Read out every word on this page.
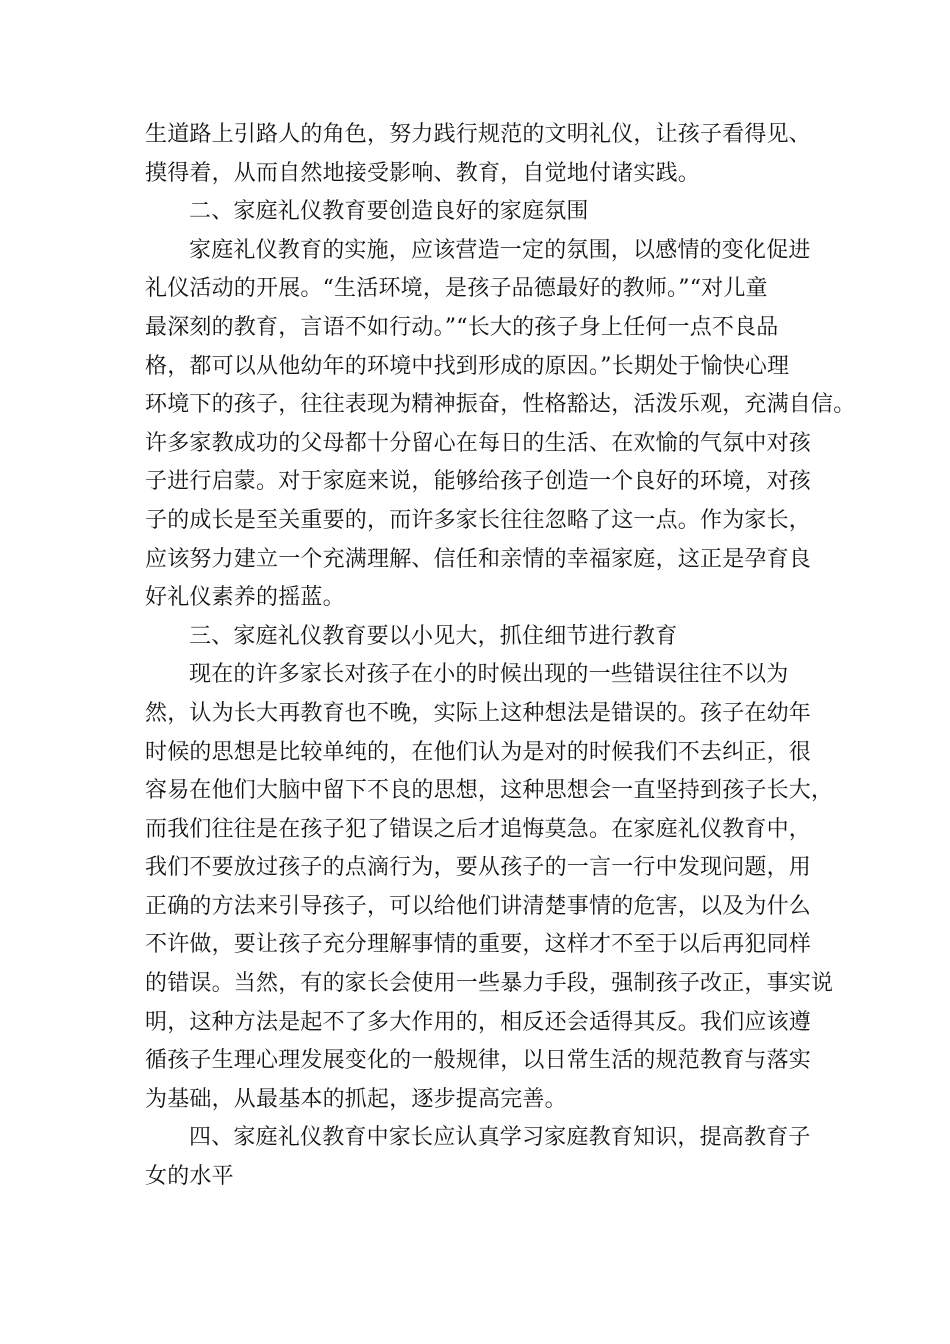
生道路上引路人的角色，努力践行规范的文明礼仪，让孩子看得见、
摸得着，从而自然地接受影响、教育，自觉地付诸实践。
二、家庭礼仪教育要创造良好的家庭氛围
家庭礼仪教育的实施，应该营造一定的氛围，以感情的变化促进
礼仪活动的开展。“生活环境，是孩子品德最好的教师。”“对儿童
最深刻的教育，言语不如行动。”“长大的孩子身上任何一点不良品
格，都可以从他幼年的环境中找到形成的原因。”长期处于愉快心理
环境下的孩子，往往表现为精神振奋，性格豁达，活泼乐观，充满自信。
许多家教成功的父母都十分留心在每日的生活、在欢愉的气氛中对孩
子进行启蒙。对于家庭来说，能够给孩子创造一个良好的环境，对孩
子的成长是至关重要的，而许多家长往往忽略了这一点。作为家长，
应该努力建立一个充满理解、信任和亲情的幸福家庭，这正是孕育良
好礼仪素养的摇蓝。
三、家庭礼仪教育要以小见大，抓住细节进行教育
现在的许多家长对孩子在小的时候出现的一些错误往往不以为
然，认为长大再教育也不晚，实际上这种想法是错误的。孩子在幼年
时候的思想是比较单纯的，在他们认为是对的时候我们不去纠正，很
容易在他们大脑中留下不良的思想，这种思想会一直坚持到孩子长大，
而我们往往是在孩子犯了错误之后才追悔莫急。在家庭礼仪教育中，
我们不要放过孩子的点滴行为，要从孩子的一言一行中发现问题，用
正确的方法来引导孩子，可以给他们讲清楚事情的危害，以及为什么
不许做，要让孩子充分理解事情的重要，这样才不至于以后再犯同样
的错误。当然，有的家长会使用一些暴力手段，强制孩子改正，事实说
明，这种方法是起不了多大作用的，相反还会适得其反。我们应该遵
循孩子生理心理发展变化的一般规律，以日常生活的规范教育与落实
为基础，从最基本的抓起，逐步提高完善。
四、家庭礼仪教育中家长应认真学习家庭教育知识，提高教育子
女的水平
